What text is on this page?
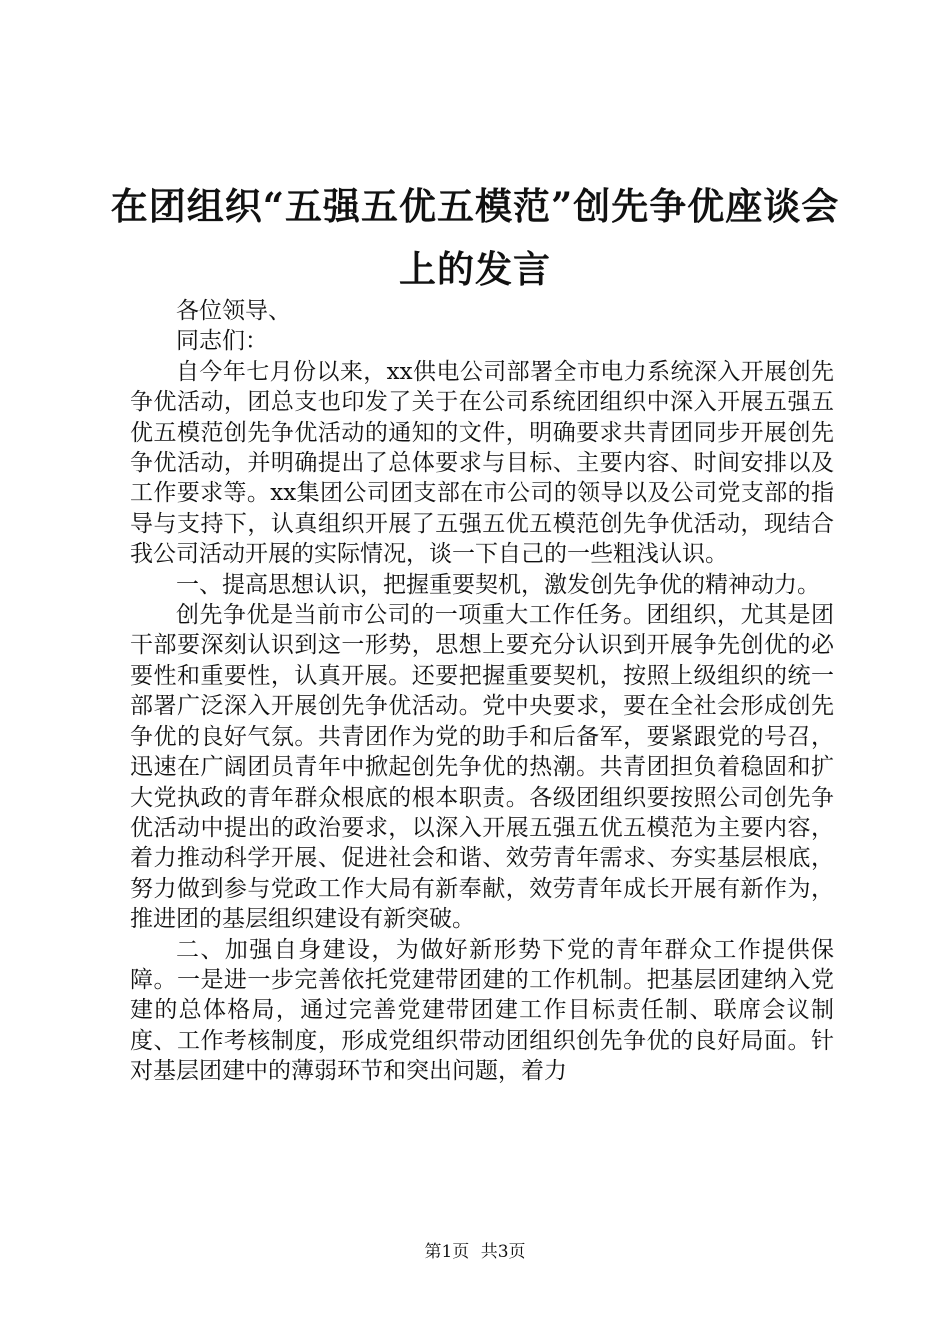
在团组织“五强五优五模范”创先争优座谈会
上的发言

各位领导、

同志们：

自今年七月份以来，xx供电公司部署全市电力系统深入开展创先争优活动，团总支也印发了关于在公司系统团组织中深入开展五强五优五模范创先争优活动的通知的文件，明确要求共青团同步开展创先争优活动，并明确提出了总体要求与目标、主要内容、时间安排以及工作要求等。xx集团公司团支部在市公司的领导以及公司党支部的指导与支持下，认真组织开展了五强五优五模范创先争优活动，现结合我公司活动开展的实际情况，谈一下自己的一些粗浅认识。

一、提高思想认识，把握重要契机，激发创先争优的精神动力。

创先争优是当前市公司的一项重大工作任务。团组织，尤其是团干部要深刻认识到这一形势，思想上要充分认识到开展争先创优的必要性和重要性，认真开展。还要把握重要契机，按照上级组织的统一部署广泛深入开展创先争优活动。党中央要求，要在全社会形成创先争优的良好气氛。共青团作为党的助手和后备军，要紧跟党的号召，迅速在广阔团员青年中掀起创先争优的热潮。共青团担负着稳固和扩大党执政的青年群众根底的根本职责。各级团组织要按照公司创先争优活动中提出的政治要求，以深入开展五强五优五模范为主要内容，着力推动科学开展、促进社会和谐、效劳青年需求、夯实基层根底，努力做到参与党政工作大局有新奉献，效劳青年成长开展有新作为，推进团的基层组织建设有新突破。

二、加强自身建设，为做好新形势下党的青年群众工作提供保障。一是进一步完善依托党建带团建的工作机制。把基层团建纳入党建的总体格局，通过完善党建带团建工作目标责任制、联席会议制度、工作考核制度，形成党组织带动团组织创先争优的良好局面。针对基层团建中的薄弱环节和突出问题，着力

第1页 共3页
